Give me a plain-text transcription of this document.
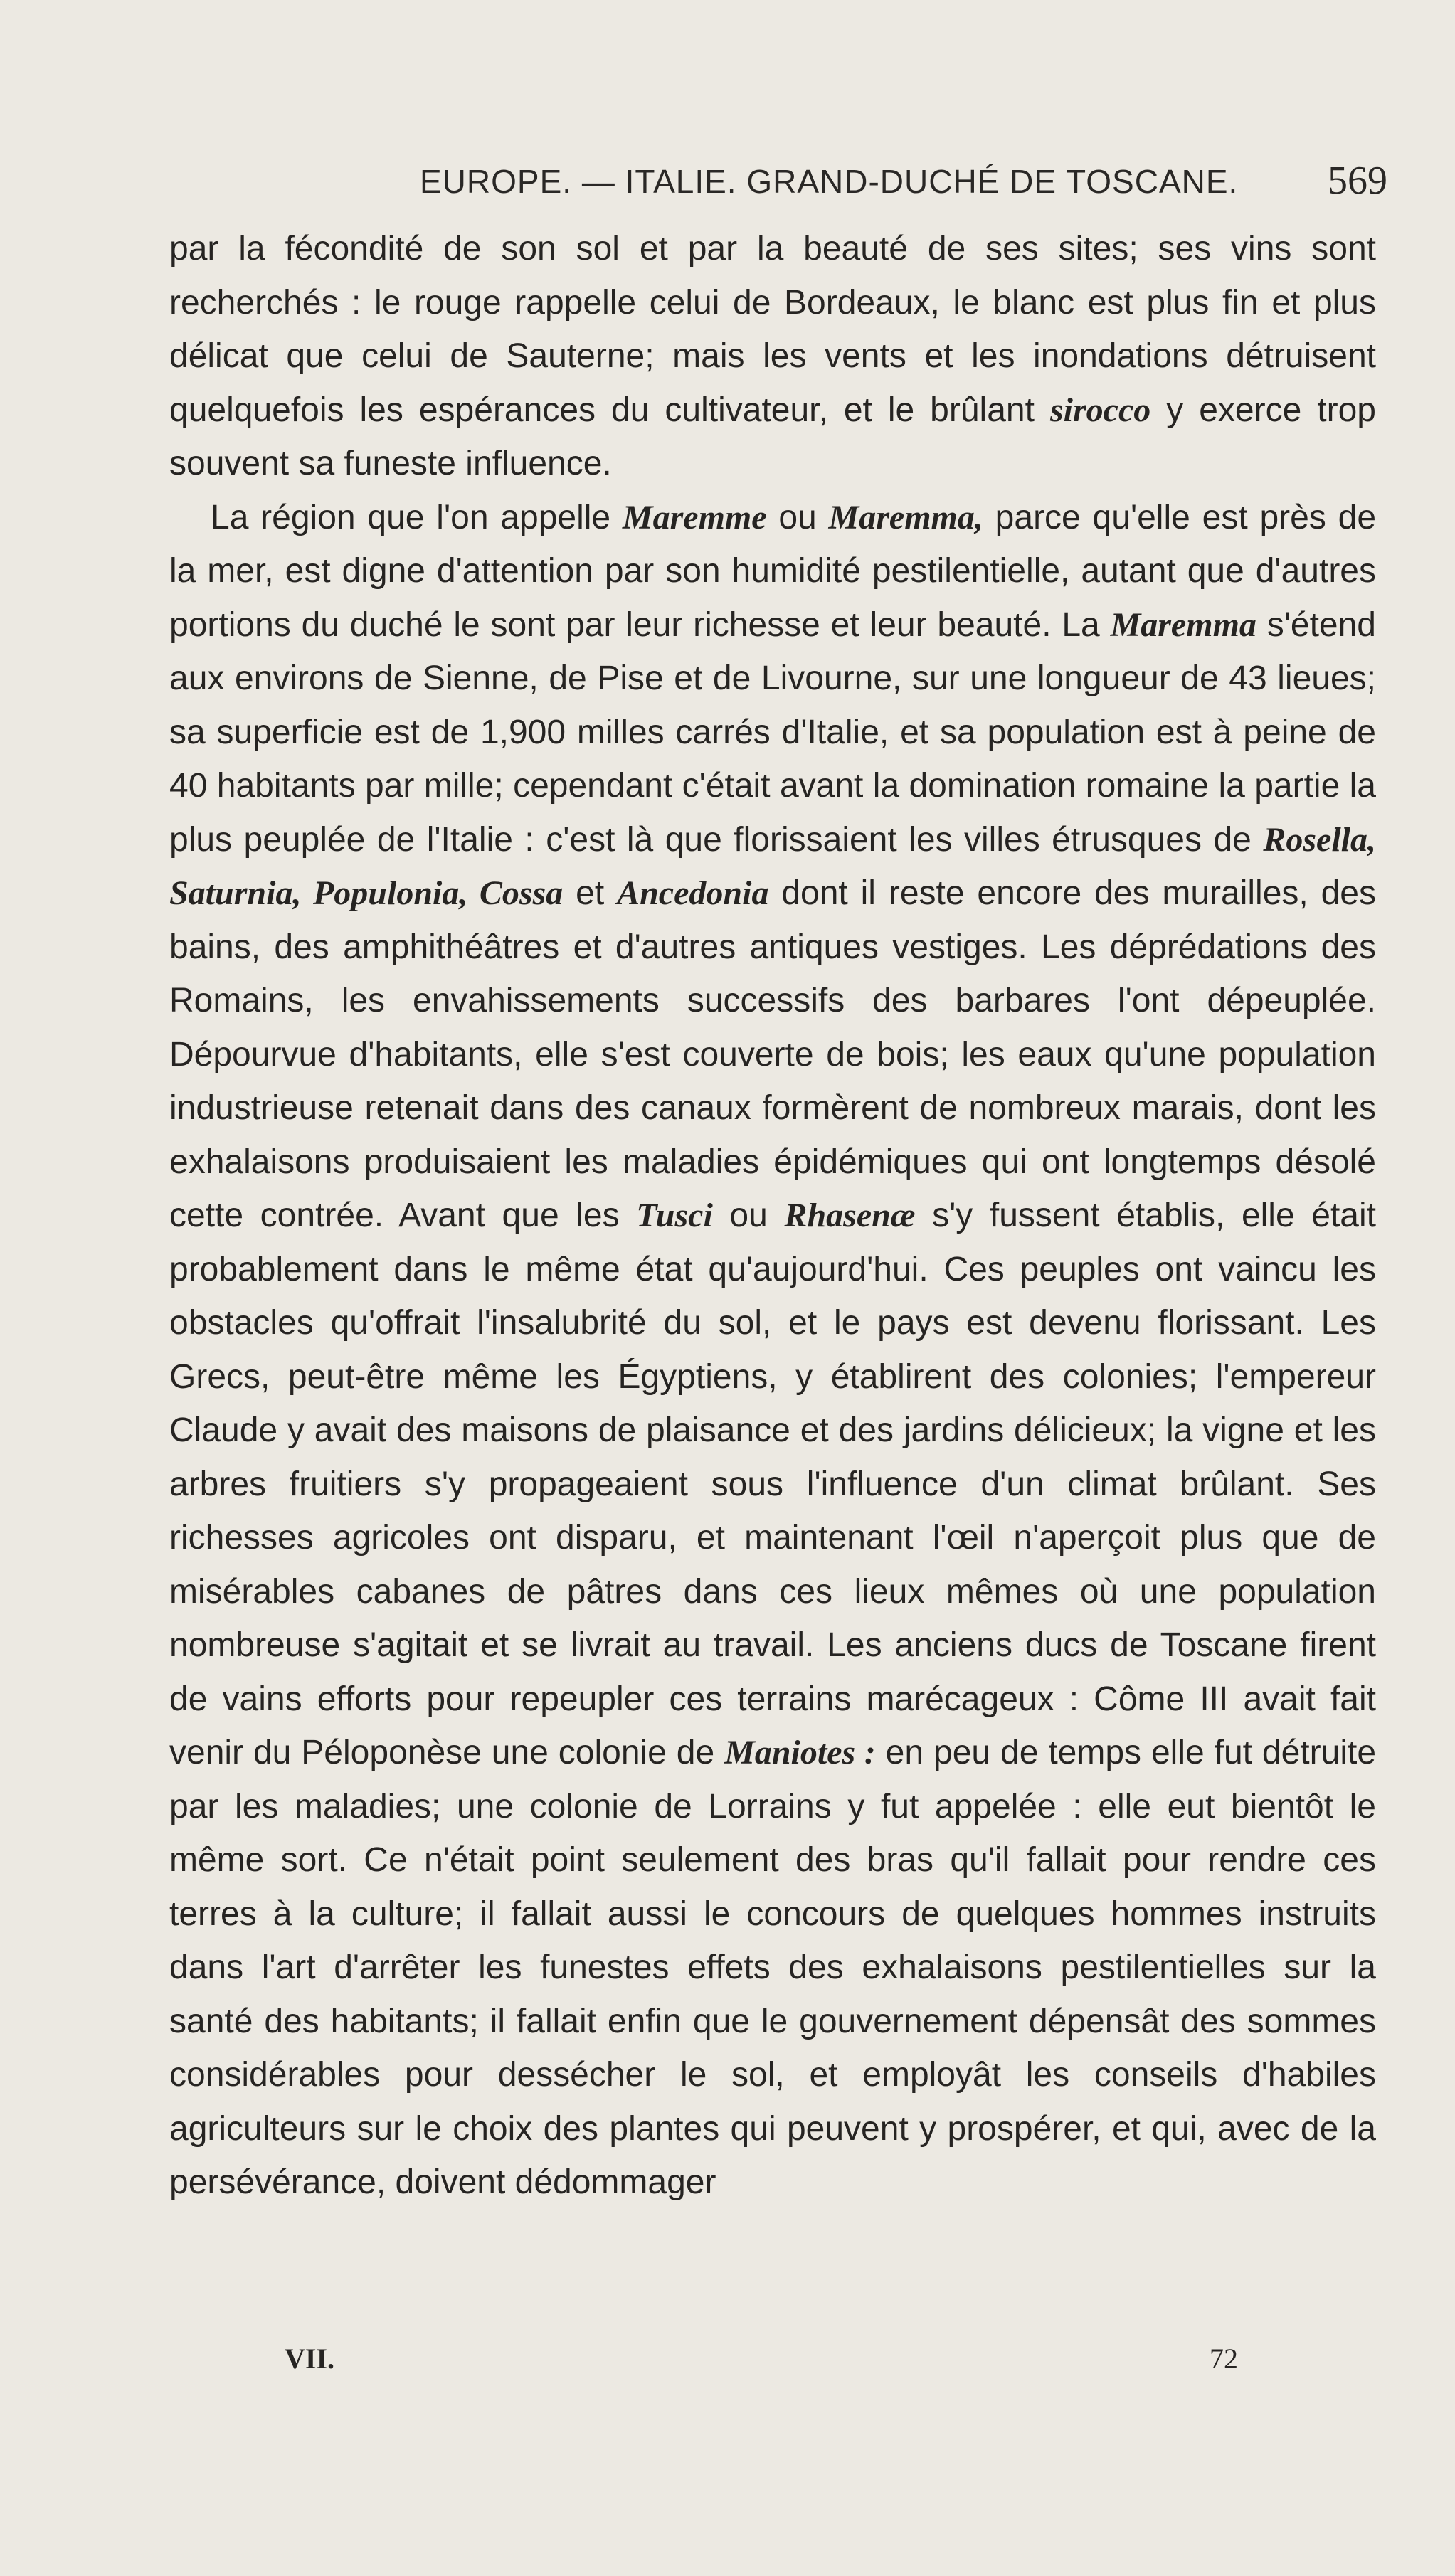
EUROPE. — ITALIE. GRAND-DUCHÉ DE TOSCANE. 569

par la fécondité de son sol et par la beauté de ses sites; ses vins sont recherchés : le rouge rappelle celui de Bordeaux, le blanc est plus fin et plus délicat que celui de Sauterne; mais les vents et les inondations détruisent quelquefois les espérances du cultivateur, et le brûlant sirocco y exerce trop souvent sa funeste influence.

La région que l'on appelle Maremme ou Maremma, parce qu'elle est près de la mer, est digne d'attention par son humidité pestilentielle, autant que d'autres portions du duché le sont par leur richesse et leur beauté. La Maremma s'étend aux environs de Sienne, de Pise et de Livourne, sur une longueur de 43 lieues; sa superficie est de 1,900 milles carrés d'Italie, et sa population est à peine de 40 habitants par mille; cependant c'était avant la domination romaine la partie la plus peuplée de l'Italie : c'est là que florissaient les villes étrusques de Rosella, Saturnia, Populonia, Cossa et Ancedonia dont il reste encore des murailles, des bains, des amphithéâtres et d'autres antiques vestiges. Les déprédations des Romains, les envahissements successifs des barbares l'ont dépeuplée. Dépourvue d'habitants, elle s'est couverte de bois; les eaux qu'une population industrieuse retenait dans des canaux formèrent de nombreux marais, dont les exhalaisons produisaient les maladies épidémiques qui ont longtemps désolé cette contrée. Avant que les Tusci ou Rhasenæ s'y fussent établis, elle était probablement dans le même état qu'aujourd'hui. Ces peuples ont vaincu les obstacles qu'offrait l'insalubrité du sol, et le pays est devenu florissant. Les Grecs, peut-être même les Égyptiens, y établirent des colonies; l'empereur Claude y avait des maisons de plaisance et des jardins délicieux; la vigne et les arbres fruitiers s'y propageaient sous l'influence d'un climat brûlant. Ses richesses agricoles ont disparu, et maintenant l'œil n'aperçoit plus que de misérables cabanes de pâtres dans ces lieux mêmes où une population nombreuse s'agitait et se livrait au travail. Les anciens ducs de Toscane firent de vains efforts pour repeupler ces terrains marécageux : Côme III avait fait venir du Péloponèse une colonie de Maniotes : en peu de temps elle fut détruite par les maladies; une colonie de Lorrains y fut appelée : elle eut bientôt le même sort. Ce n'était point seulement des bras qu'il fallait pour rendre ces terres à la culture; il fallait aussi le concours de quelques hommes instruits dans l'art d'arrêter les funestes effets des exhalaisons pestilentielles sur la santé des habitants; il fallait enfin que le gouvernement dépensât des sommes considérables pour dessécher le sol, et employât les conseils d'habiles agriculteurs sur le choix des plantes qui peuvent y prospérer, et qui, avec de la persévérance, doivent dédommager

VII.	72
